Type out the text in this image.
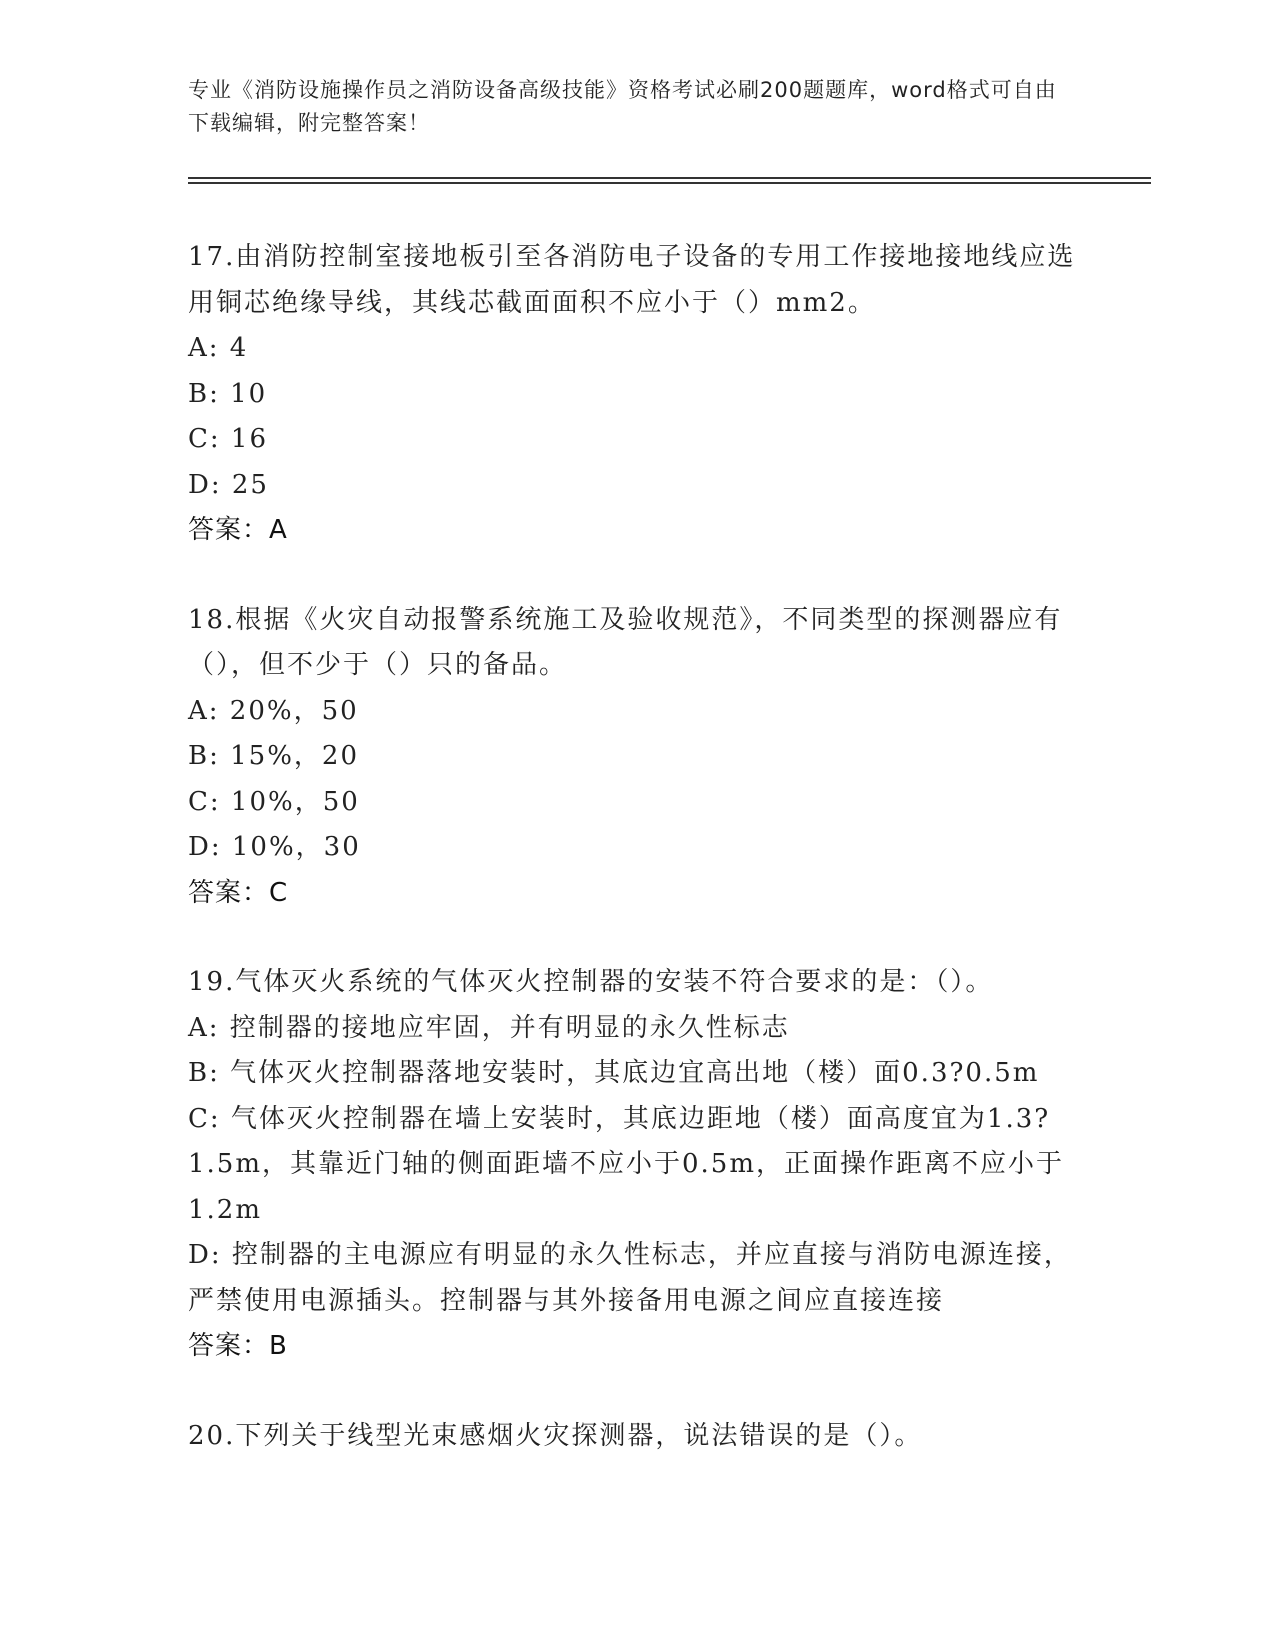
专业《消防设施操作员之消防设备高级技能》资格考试必刷200题题库，word格式可自由下载编辑，附完整答案！

17.由消防控制室接地板引至各消防电子设备的专用工作接地接地线应选用铜芯绝缘导线，其线芯截面面积不应小于（）mm2。

A: 4

B: 10

C: 16

D: 25

答案：A

18.根据《火灾自动报警系统施工及验收规范》，不同类型的探测器应有（），但不少于（）只的备品。

A: 20%，50

B: 15%，20

C: 10%，50

D: 10%，30

答案：C

19.气体灭火系统的气体灭火控制器的安装不符合要求的是：（）。

A: 控制器的接地应牢固，并有明显的永久性标志

B: 气体灭火控制器落地安装时，其底边宜高出地（楼）面0.3?0.5m

C: 气体灭火控制器在墙上安装时，其底边距地（楼）面高度宜为1.3?1.5m，其靠近门轴的侧面距墙不应小于0.5m，正面操作距离不应小于1.2m

D: 控制器的主电源应有明显的永久性标志，并应直接与消防电源连接，严禁使用电源插头。控制器与其外接备用电源之间应直接连接

答案：B

20.下列关于线型光束感烟火灾探测器，说法错误的是（）。
